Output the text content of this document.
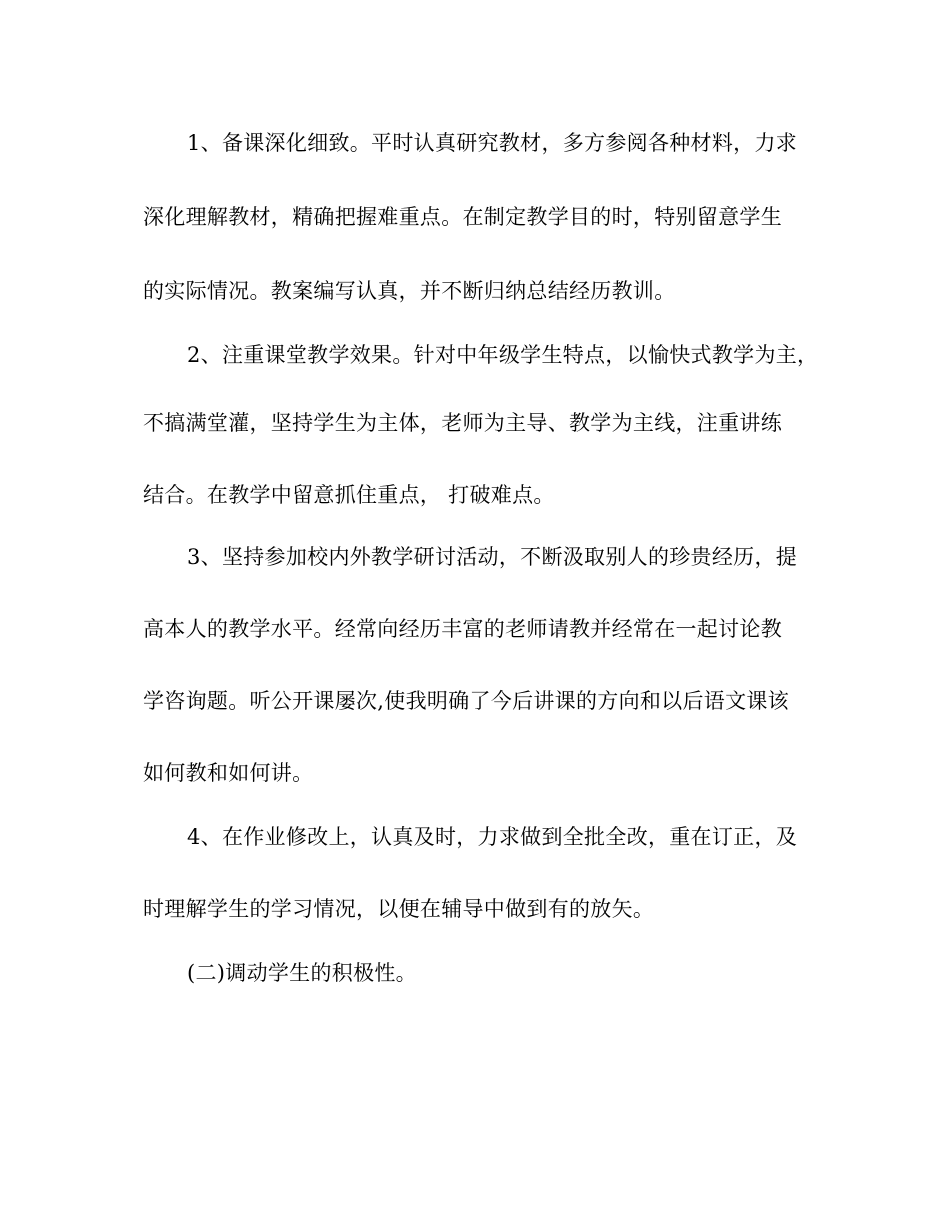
1、备课深化细致。平时认真研究教材，多方参阅各种材料，力求
深化理解教材，精确把握难重点。在制定教学目的时，特别留意学生
的实际情况。教案编写认真，并不断归纳总结经历教训。
2、注重课堂教学效果。针对中年级学生特点，以愉快式教学为主，
不搞满堂灌，坚持学生为主体，老师为主导、教学为主线，注重讲练
结合。在教学中留意抓住重点， 打破难点。
3、坚持参加校内外教学研讨活动，不断汲取别人的珍贵经历，提
高本人的教学水平。经常向经历丰富的老师请教并经常在一起讨论教
学咨询题。听公开课屡次,使我明确了今后讲课的方向和以后语文课该
如何教和如何讲。
4、在作业修改上，认真及时，力求做到全批全改，重在订正，及
时理解学生的学习情况，以便在辅导中做到有的放矢。
(二)调动学生的积极性。
